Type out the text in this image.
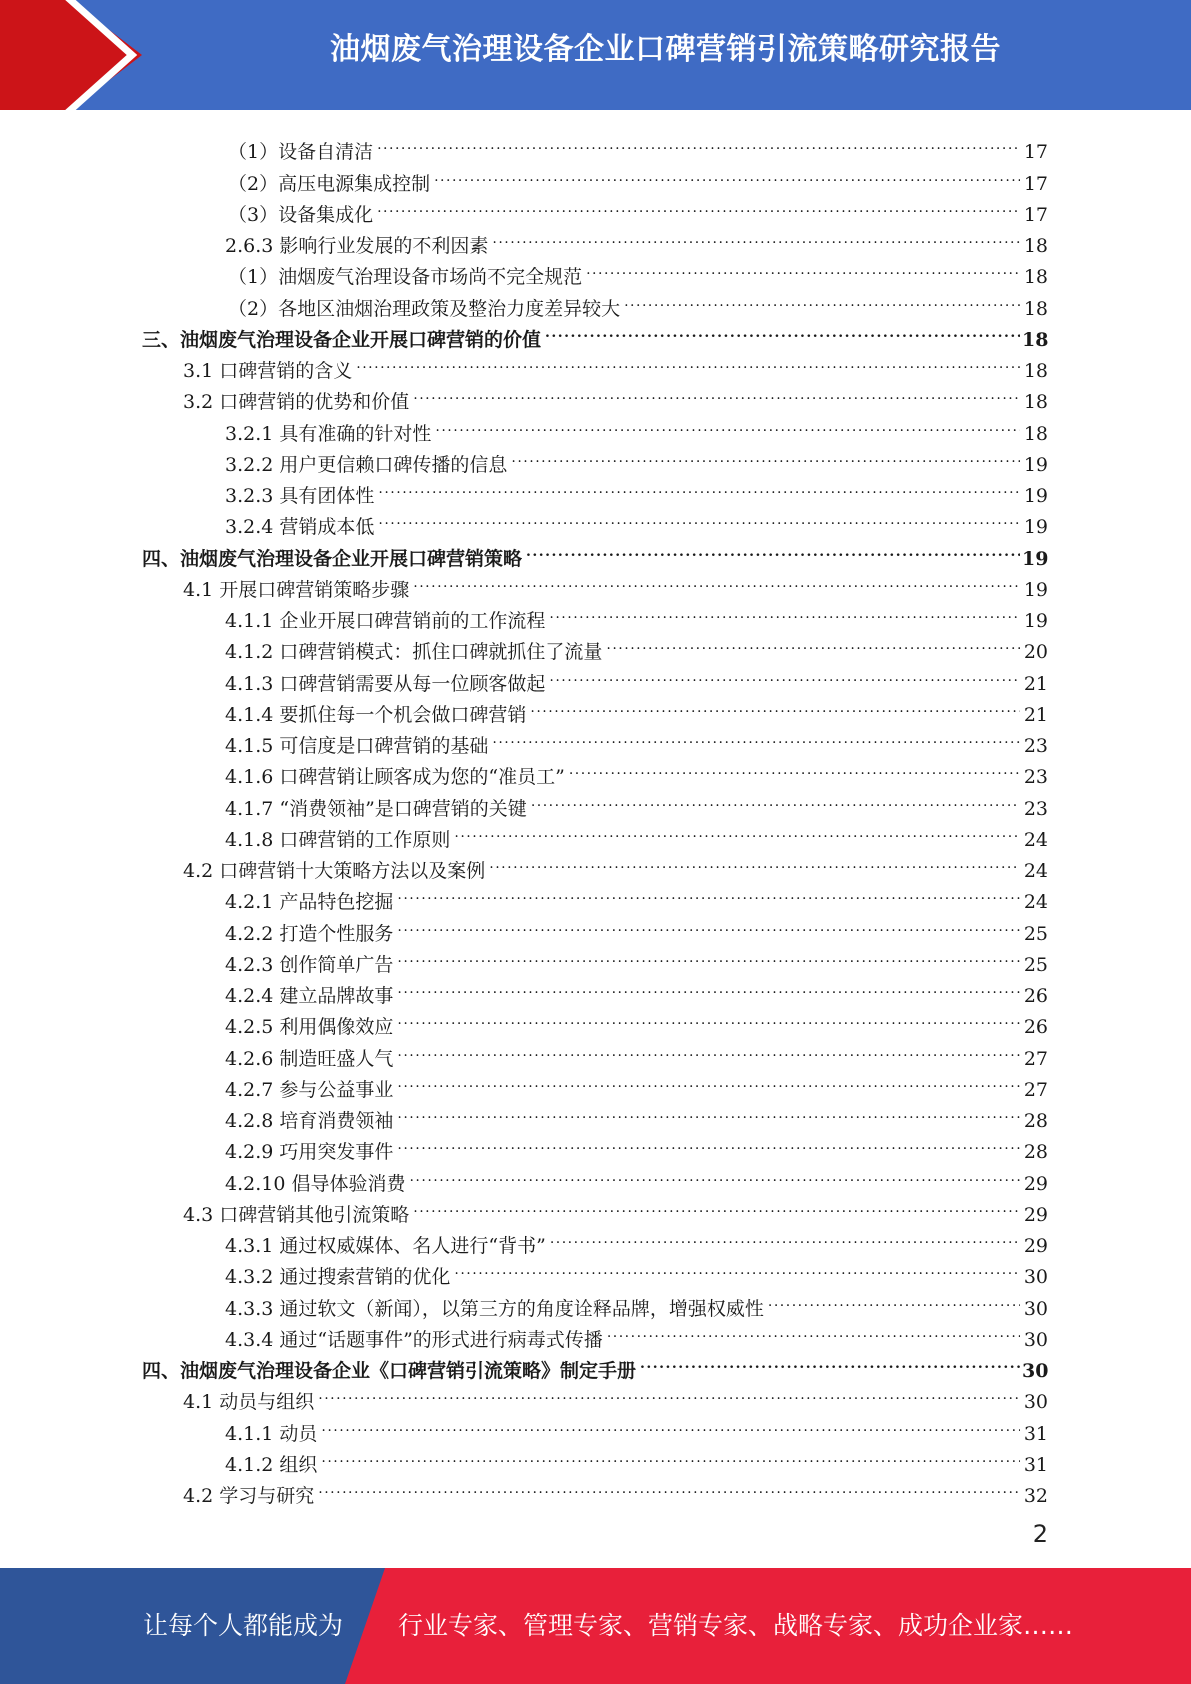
油烟废气治理设备企业口碑营销引流策略研究报告
（1）设备自清洁 .....	17
（2）高压电源集成控制 .....	17
（3）设备集成化 .....	17
2.6.3 影响行业发展的不利因素 .....	18
（1）油烟废气治理设备市场尚不完全规范 .....	18
（2）各地区油烟治理政策及整治力度差异较大 .....	18
三、油烟废气治理设备企业开展口碑营销的价值 .....	18
3.1 口碑营销的含义 .....	18
3.2 口碑营销的优势和价值 .....	18
3.2.1 具有准确的针对性 .....	18
3.2.2 用户更信赖口碑传播的信息 .....	19
3.2.3 具有团体性 .....	19
3.2.4 营销成本低 .....	19
四、油烟废气治理设备企业开展口碑营销策略 .....	19
4.1 开展口碑营销策略步骤 .....	19
4.1.1 企业开展口碑营销前的工作流程 .....	19
4.1.2 口碑营销模式：抓住口碑就抓住了流量 .....	20
4.1.3 口碑营销需要从每一位顾客做起 .....	21
4.1.4 要抓住每一个机会做口碑营销 .....	21
4.1.5 可信度是口碑营销的基础 .....	23
4.1.6 口碑营销让顾客成为您的“准员工” .....	23
4.1.7 “消费领袖”是口碑营销的关键 .....	23
4.1.8 口碑营销的工作原则 .....	24
4.2 口碑营销十大策略方法以及案例 .....	24
4.2.1 产品特色挖掘 .....	24
4.2.2 打造个性服务 .....	25
4.2.3 创作简单广告 .....	25
4.2.4 建立品牌故事 .....	26
4.2.5 利用偶像效应 .....	26
4.2.6 制造旺盛人气 .....	27
4.2.7 参与公益事业 .....	27
4.2.8 培育消费领袖 .....	28
4.2.9 巧用突发事件 .....	28
4.2.10 倡导体验消费 .....	29
4.3 口碑营销其他引流策略 .....	29
4.3.1 通过权威媒体、名人进行“背书” .....	29
4.3.2 通过搜索营销的优化 .....	30
4.3.3 通过软文（新闻），以第三方的角度诠释品牌，增强权威性 .....	30
4.3.4 通过“话题事件”的形式进行病毒式传播 .....	30
四、油烟废气治理设备企业《口碑营销引流策略》制定手册 .....	30
4.1 动员与组织 .....	30
4.1.1 动员 .....	31
4.1.2 组织 .....	31
4.2 学习与研究 .....	32
2
让每个人都能成为 行业专家、管理专家、营销专家、战略专家、成功企业家……
